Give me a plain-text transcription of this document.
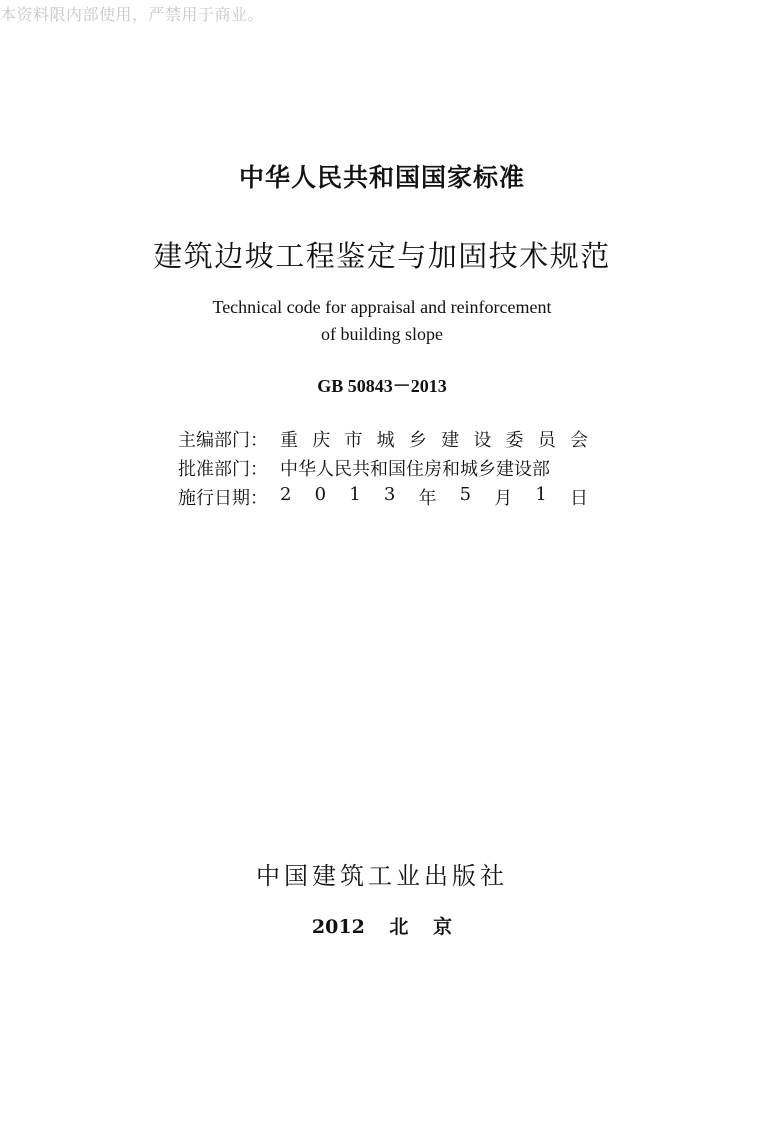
本资料限内部使用，严禁用于商业。
中华人民共和国国家标准
建筑边坡工程鉴定与加固技术规范
Technical code for appraisal and reinforcement
of building slope
GB 50843－2013
主编部门： 重 庆 市 城 乡 建 设 委 员 会
批准部门： 中华人民共和国住房和城乡建设部
施行日期： 2 0 1 3 年 5 月 1 日
中国建筑工业出版社
2012 北 京
